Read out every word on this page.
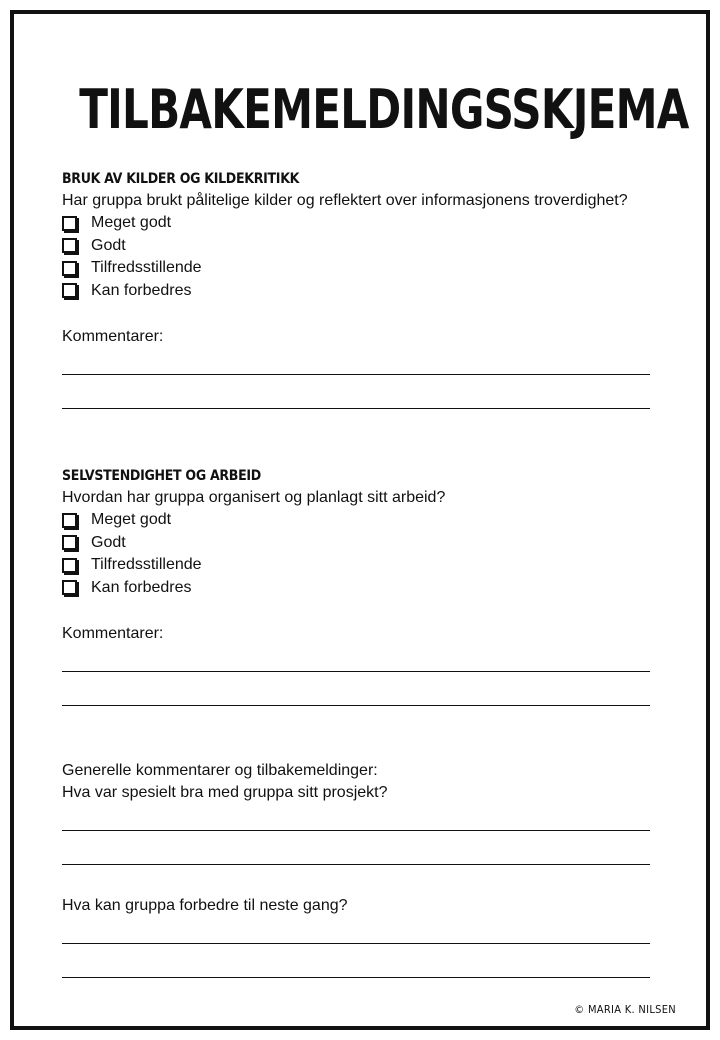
TILBAKEMELDINGSSKJEMA
BRUK AV KILDER OG KILDEKRITIKK

Har gruppa brukt pålitelige kilder og reflektert over informasjonens troverdighet?

Meget godt
Godt
Tilfredsstillende
Kan forbedres

Kommentarer:

SELVSTENDIGHET OG ARBEID

Hvordan har gruppa organisert og planlagt sitt arbeid?

Meget godt
Godt
Tilfredsstillende
Kan forbedres

Kommentarer:

Generelle kommentarer og tilbakemeldinger:

Hva var spesielt bra med gruppa sitt prosjekt?

Hva kan gruppa forbedre til neste gang?

© MARIA K. NILSEN
